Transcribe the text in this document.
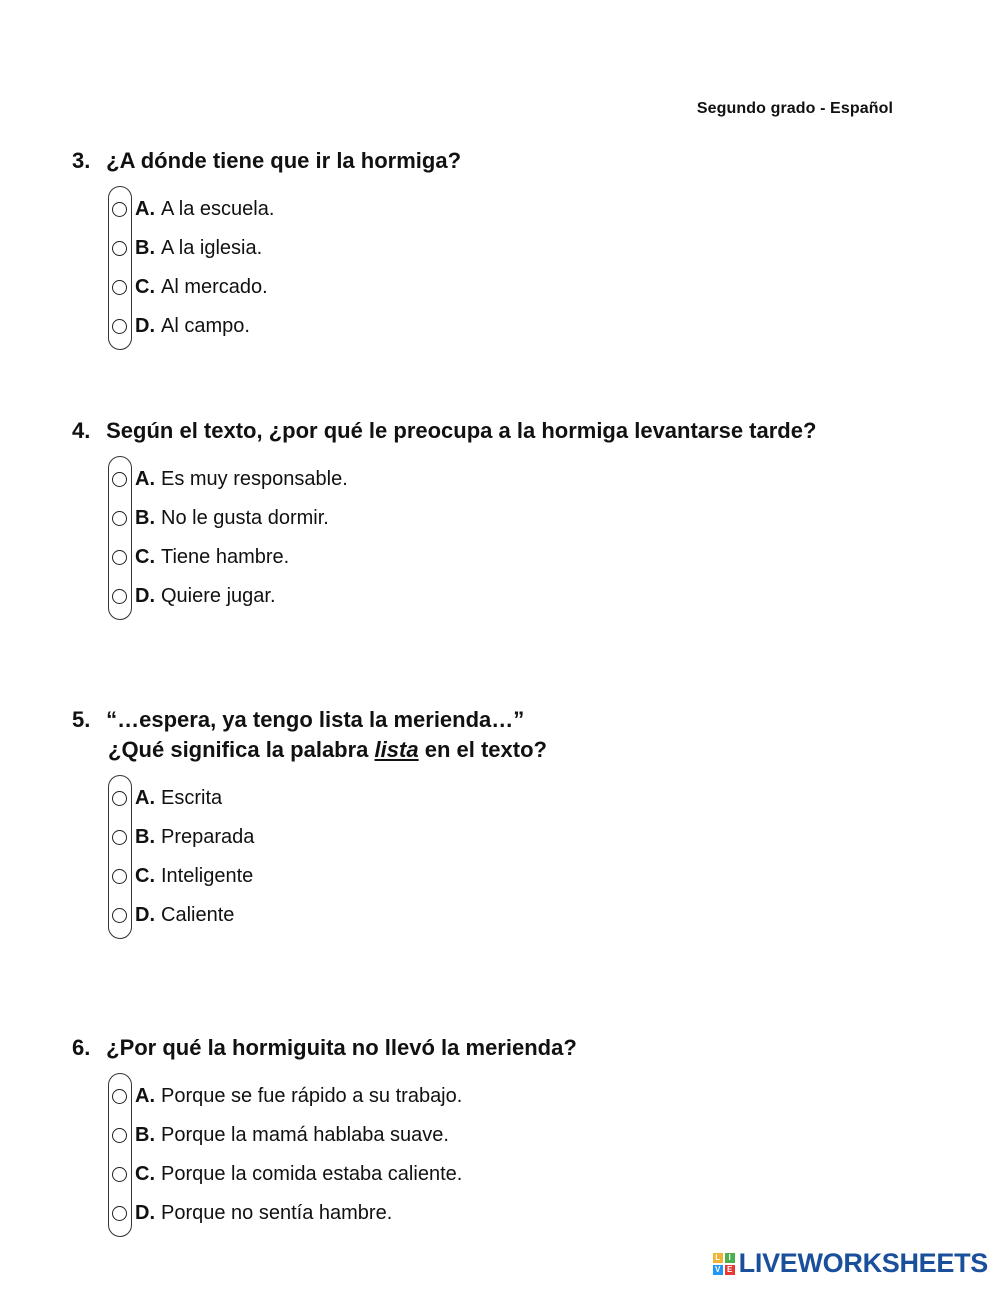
Segundo grado - Español
3. ¿A dónde tiene que ir la hormiga?
A. A la escuela.
B. A la iglesia.
C. Al mercado.
D. Al campo.
4. Según el texto, ¿por qué le preocupa a la hormiga levantarse tarde?
A. Es muy responsable.
B. No le gusta dormir.
C. Tiene hambre.
D. Quiere jugar.
5. “…espera, ya tengo lista la merienda…”
¿Qué significa la palabra lista en el texto?
A. Escrita
B. Preparada
C. Inteligente
D. Caliente
6. ¿Por qué la hormiguita no llevó la merienda?
A. Porque se fue rápido a su trabajo.
B. Porque la mamá hablaba suave.
C. Porque la comida estaba caliente.
D. Porque no sentía hambre.
L	I
V E LIVEWORKSHEETS
